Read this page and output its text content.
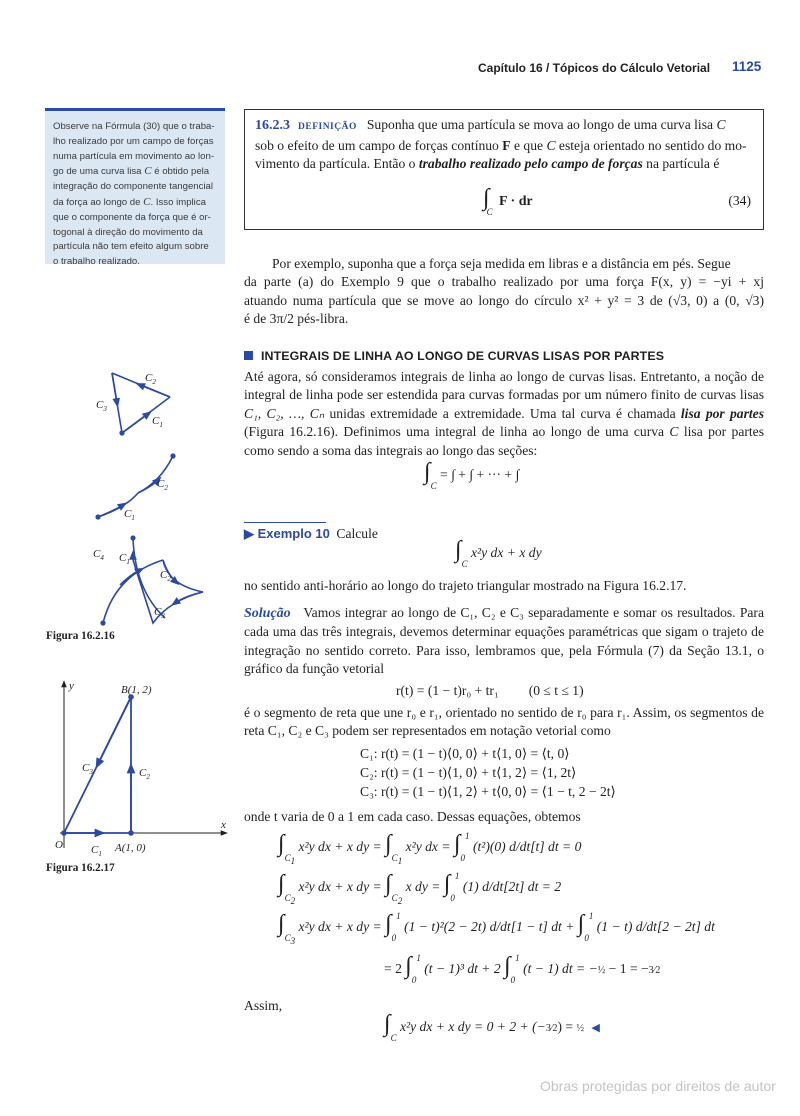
Capítulo 16 / Tópicos do Cálculo Vetorial 1125
Observe na Fórmula (30) que o traba-
lho realizado por um campo de forças
numa partícula em movimento ao lon-
go de uma curva lisa C é obtido pela
integração do componente tangencial
da força ao longo de C. Isso implica
que o componente da força que é or-
togonal à direção do movimento da
partícula não tem efeito algum sobre
o trabalho realizado.
16.2.3 DEFINIÇÃO Suponha que uma partícula se mova ao longo de uma curva lisa C
sob o efeito de um campo de forças contínuo F e que C esteja orientado no sentido do mo-
vimento da partícula. Então o trabalho realizado pelo campo de forças na partícula é
$\int_C$ F · dr	(34)
Por exemplo, suponha que a força seja medida em libras e a distância em pés. Segue
da parte (a) do Exemplo 9 que o trabalho realizado por uma força F(x, y) = −yi + xj
atuando numa partícula que se move ao longo do círculo x² + y² = 3 de (√3, 0) a (0, √3)
é de 3π/2 pés-libra.
INTEGRAIS DE LINHA AO LONGO DE CURVAS LISAS POR PARTES
Até agora, só consideramos integrais de linha ao longo de curvas lisas. Entretanto, a noção de integral de linha pode ser estendida para curvas formadas por um número finito de curvas lisas C₁, C₂, …, Cₙ unidas extremidade a extremidade. Uma tal curva é chamada lisa por partes (Figura 16.2.16). Definimos uma integral de linha ao longo de uma curva C lisa por partes como sendo a soma das integrais ao longo das seções:
$\int_C$ = ∫ + ∫ + ··· + ∫
▶ Exemplo 10 Calcule
$\int_C$ x²y dx + x dy
no sentido anti-horário ao longo do trajeto triangular mostrado na Figura 16.2.17.
Solução Vamos integrar ao longo de C₁, C₂ e C₃ separadamente e somar os resultados. Para cada uma das três integrais, devemos determinar equações paramétricas que sigam o trajeto de integração no sentido correto. Para isso, lembramos que, pela Fórmula (7) da Seção 13.1, o gráfico da função vetorial
r(t) = (1 − t)r₀ + tr₁ (0 ≤ t ≤ 1)
é o segmento de reta que une r₀ e r₁, orientado no sentido de r₀ para r₁. Assim, os segmentos de reta C₁, C₂ e C₃ podem ser representados em notação vetorial como
C₁: r(t) = (1 − t)⟨0, 0⟩ + t⟨1, 0⟩ = ⟨t, 0⟩
C₂: r(t) = (1 − t)⟨1, 0⟩ + t⟨1, 2⟩ = ⟨1, 2t⟩
C₃: r(t) = (1 − t)⟨1, 2⟩ + t⟨0, 0⟩ = ⟨1 − t, 2 − 2t⟩
onde t varia de 0 a 1 em cada caso. Dessas equações, obtemos
$\int_{C_1}$ x²y dx + x dy = $\int_{C_1}$ x²y dx = $\int_0^1$ (t²)(0) d/dt[t] dt = 0
$\int_{C_2}$ x²y dx + x dy = $\int_{C_2}$ x dy = $\int_0^1$ (1) d/dt[2t] dt = 2
$\int_{C_3}$ x²y dx + x dy = $\int_0^1$ (1 − t)²(2 − 2t) d/dt[1 − t] dt + $\int_0^1$ (1 − t) d/dt[2 − 2t] dt
= 2 $\int_0^1$ (t − 1)³ dt + 2 $\int_0^1$ (t − 1) dt = −½ − 1 = −3⁄2
Assim,
$\int_C$ x²y dx + x dy = 0 + 2 + (−3⁄2) = ½ ◀
$C_2$
$C_3$
$C_1$
$C_2$
$C_1$
$C_4$ $C_1$
$C_2$
$C_3$
Figura 16.2.16
y
x
O
B(1, 2)
A(1, 0)
$C_3$	$C_2$
$C_1$
Figura 16.2.17
Obras protegidas por direitos de autor
